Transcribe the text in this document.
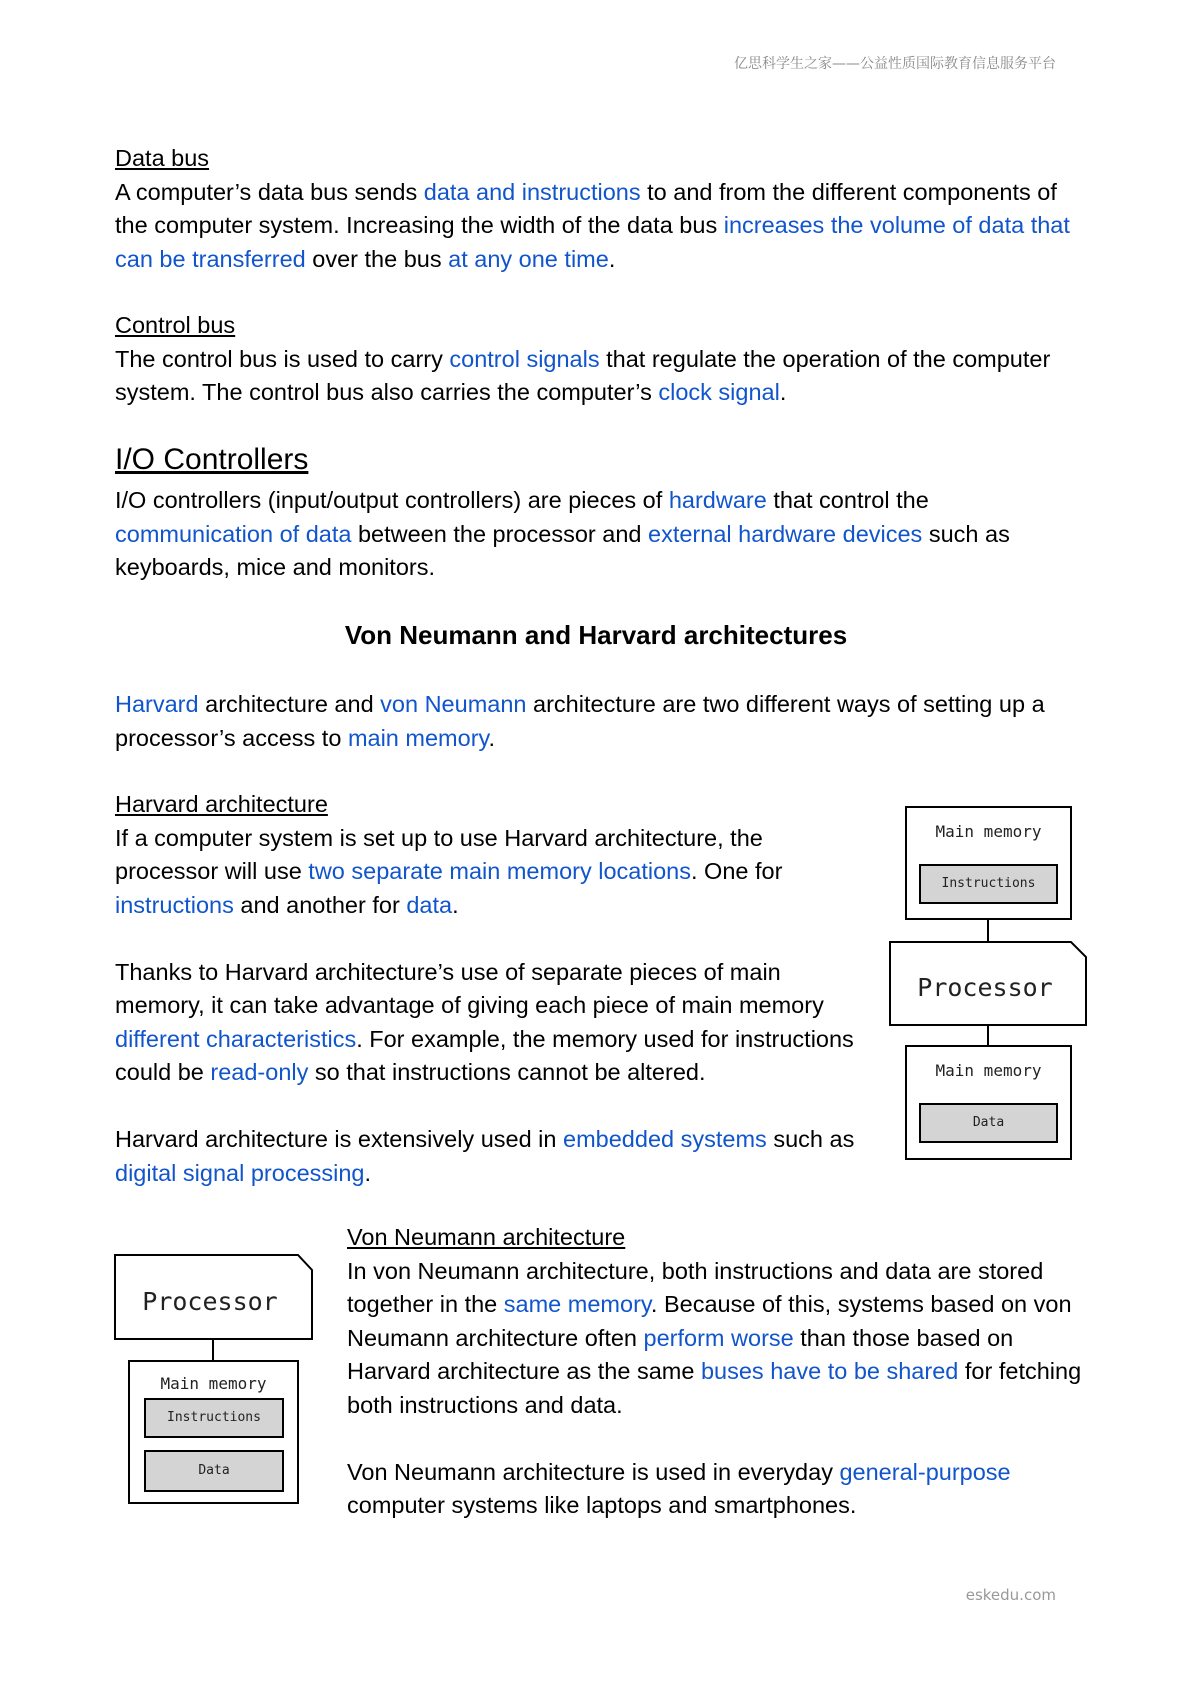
亿思科学生之家——公益性质国际教育信息服务平台

Data bus

A computer’s data bus sends data and instructions to and from the different components of the computer system. Increasing the width of the data bus increases the volume of data that can be transferred over the bus at any one time.

Control bus

The control bus is used to carry control signals that regulate the operation of the computer system. The control bus also carries the computer’s clock signal.

I/O Controllers

I/O controllers (input/output controllers) are pieces of hardware that control the communication of data between the processor and external hardware devices such as keyboards, mice and monitors.

Von Neumann and Harvard architectures

Harvard architecture and von Neumann architecture are two different ways of setting up a processor’s access to main memory.

Harvard architecture

If a computer system is set up to use Harvard architecture, the processor will use two separate main memory locations. One for instructions and another for data.

Thanks to Harvard architecture’s use of separate pieces of main memory, it can take advantage of giving each piece of main memory different characteristics. For example, the memory used for instructions could be read-only so that instructions cannot be altered.

Harvard architecture is extensively used in embedded systems such as digital signal processing.

Main memory
Instructions
Processor
Main memory
Data

Von Neumann architecture

In von Neumann architecture, both instructions and data are stored together in the same memory. Because of this, systems based on von Neumann architecture often perform worse than those based on Harvard architecture as the same buses have to be shared for fetching both instructions and data.

Von Neumann architecture is used in everyday general-purpose computer systems like laptops and smartphones.

Processor
Main memory
Instructions
Data
eskedu.com
